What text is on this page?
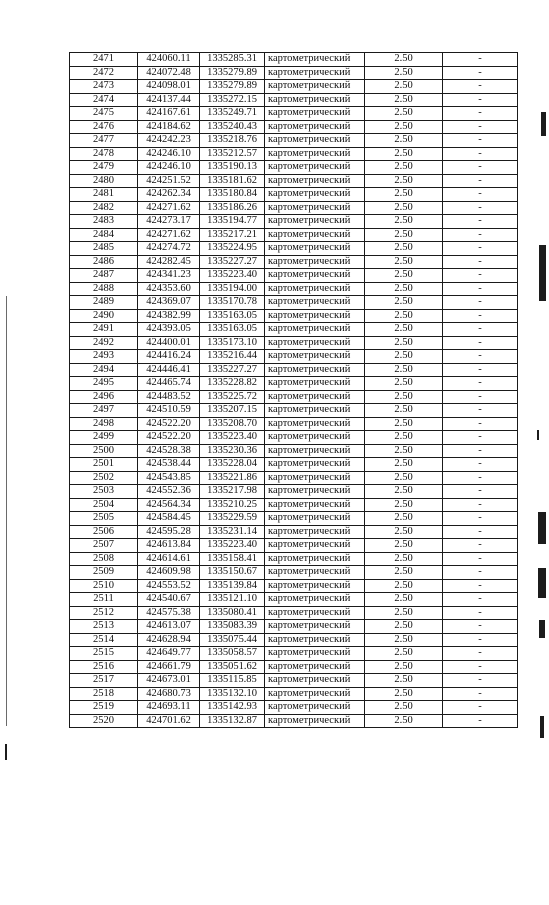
2471	424060.11	1335285.31	картометрический	2.50	-
2472	424072.48	1335279.89	картометрический	2.50	-
2473	424098.01	1335279.89	картометрический	2.50	-
2474	424137.44	1335272.15	картометрический	2.50	-
2475	424167.61	1335249.71	картометрический	2.50	-
2476	424184.62	1335240.43	картометрический	2.50	-
2477	424242.23	1335218.76	картометрический	2.50	-
2478	424246.10	1335212.57	картометрический	2.50	-
2479	424246.10	1335190.13	картометрический	2.50	-
2480	424251.52	1335181.62	картометрический	2.50	-
2481	424262.34	1335180.84	картометрический	2.50	-
2482	424271.62	1335186.26	картометрический	2.50	-
2483	424273.17	1335194.77	картометрический	2.50	-
2484	424271.62	1335217.21	картометрический	2.50	-
2485	424274.72	1335224.95	картометрический	2.50	-
2486	424282.45	1335227.27	картометрический	2.50	-
2487	424341.23	1335223.40	картометрический	2.50	-
2488	424353.60	1335194.00	картометрический	2.50	-
2489	424369.07	1335170.78	картометрический	2.50	-
2490	424382.99	1335163.05	картометрический	2.50	-
2491	424393.05	1335163.05	картометрический	2.50	-
2492	424400.01	1335173.10	картометрический	2.50	-
2493	424416.24	1335216.44	картометрический	2.50	-
2494	424446.41	1335227.27	картометрический	2.50	-
2495	424465.74	1335228.82	картометрический	2.50	-
2496	424483.52	1335225.72	картометрический	2.50	-
2497	424510.59	1335207.15	картометрический	2.50	-
2498	424522.20	1335208.70	картометрический	2.50	-
2499	424522.20	1335223.40	картометрический	2.50	-
2500	424528.38	1335230.36	картометрический	2.50	-
2501	424538.44	1335228.04	картометрический	2.50	-
2502	424543.85	1335221.86	картометрический	2.50	-
2503	424552.36	1335217.98	картометрический	2.50	-
2504	424564.34	1335210.25	картометрический	2.50	-
2505	424584.45	1335229.59	картометрический	2.50	-
2506	424595.28	1335231.14	картометрический	2.50	-
2507	424613.84	1335223.40	картометрический	2.50	-
2508	424614.61	1335158.41	картометрический	2.50	-
2509	424609.98	1335150.67	картометрический	2.50	-
2510	424553.52	1335139.84	картометрический	2.50	-
2511	424540.67	1335121.10	картометрический	2.50	-
2512	424575.38	1335080.41	картометрический	2.50	-
2513	424613.07	1335083.39	картометрический	2.50	-
2514	424628.94	1335075.44	картометрический	2.50	-
2515	424649.77	1335058.57	картометрический	2.50	-
2516	424661.79	1335051.62	картометрический	2.50	-
2517	424673.01	1335115.85	картометрический	2.50	-
2518	424680.73	1335132.10	картометрический	2.50	-
2519	424693.11	1335142.93	картометрический	2.50	-
2520	424701.62	1335132.87	картометрический	2.50	-
